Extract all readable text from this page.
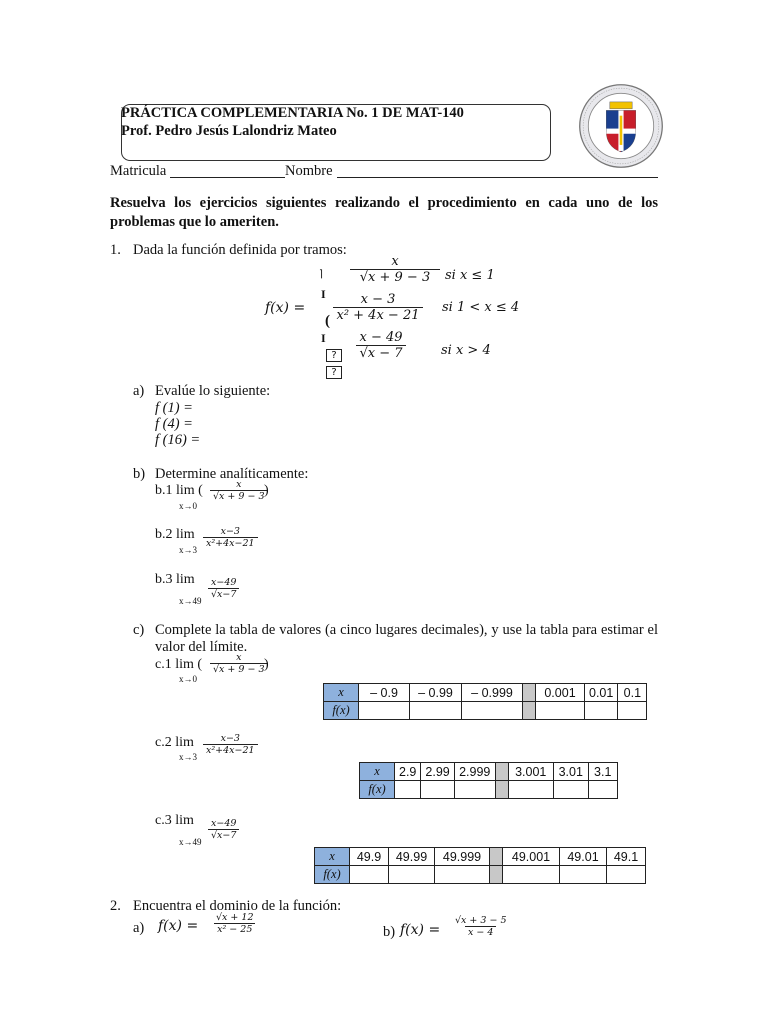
PRÁCTICA COMPLEMENTARIA No. 1 DE MAT-140
Prof. Pedro Jesús Lalondriz Mateo
Matricula	Nombre
Resuelva los ejercicios siguientes realizando el procedimiento en cada uno de los problemas que lo ameriten.
1. Dada la función definida por tramos:
f(x) =
⌉
I
(
I
?
?
$\frac{x}{√x + 9 - 3}$ si x ≤ 1
$\frac{x - 3}{\text{x² + 4x − 21}}$ si 1 < x ≤ 4
$\frac{x - 49}{√x - 7}$ si x > 4
a) Evalúe lo siguiente:
f (1) =
f (4) =
f (16) =
b) Determine analíticamente:
b.1 lim ( $\frac{x}{√x + 9 - 3}$
)
x→0
b.2 $\lim \frac{x-3}{\text{x²+4x−21}}$
x→3
b.3 $\lim \frac{x-49}{√x-7}$
x→49
c) Complete la tabla de valores (a cinco lugares decimales), y use la tabla para estimar el valor del límite.
c.1 lim ( $\frac{x}{√x + 9 - 3}$
)
x→0
x	– 0.9	– 0.99	– 0.999		0.001	0.01	0.1
f(x)							
c.2 $\lim \frac{x-3}{\text{x²+4x−21}}$
x→3
x	2.9	2.99	2.999		3.001	3.01	3.1
f(x)							
c.3 $\lim \frac{x-49}{√x-7}$
x→49
x	49.9	49.99	49.999		49.001	49.01	49.1
f(x)							
2. Encuentra el dominio de la función:
a) $f(x) = \frac{√x + 12}{\text{x² − 25}}$	b) $f(x) = \frac{√x + 3 - 5}{x - 4}$
